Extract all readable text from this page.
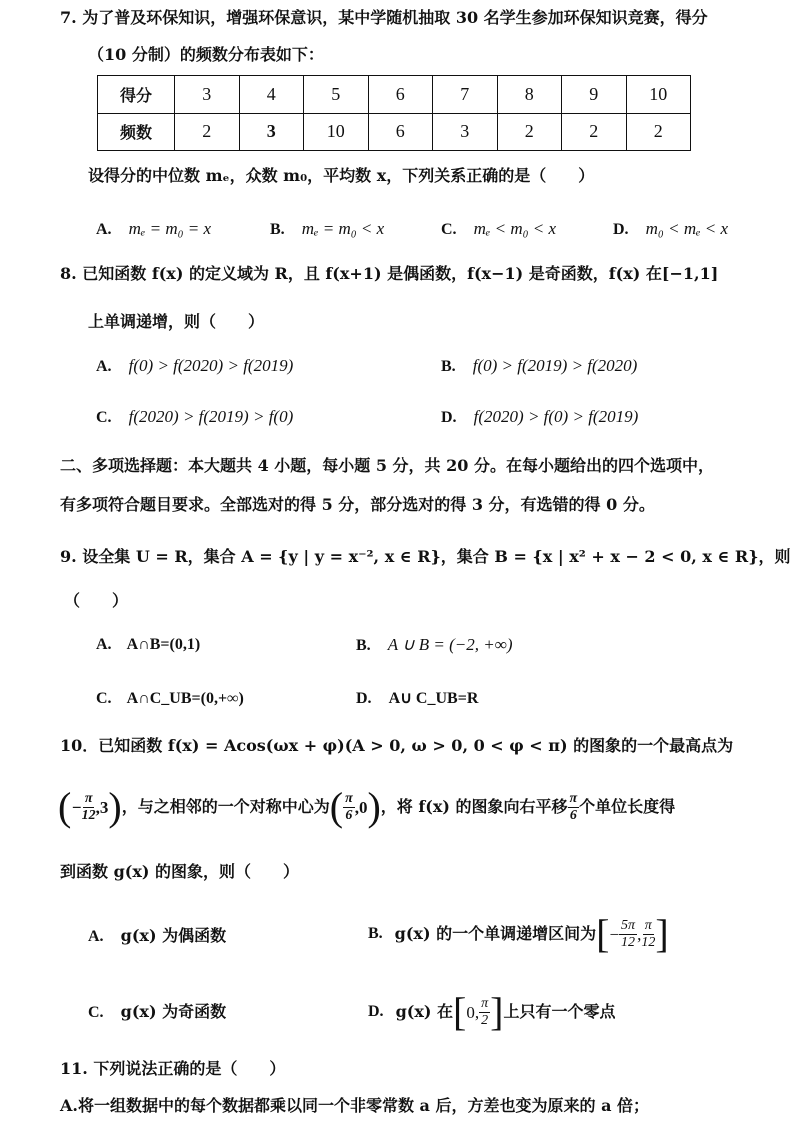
7. 为了普及环保知识，增强环保意识，某中学随机抽取 30 名学生参加环保知识竞赛，得分
（10 分制）的频数分布表如下：
得分	3	4	5	6	7	8	9	10
频数	2	3	10	6	3	2	2	2
设得分的中位数 mₑ，众数 m₀，平均数 x，下列关系正确的是（　　）
A. mₑ = m₀ = x	B. mₑ = m₀ < x	C. mₑ < m₀ < x	D. m₀ < mₑ < x
8. 已知函数 f(x) 的定义域为 R，且 f(x+1) 是偶函数，f(x−1) 是奇函数，f(x) 在[−1,1]
上单调递增，则（　　）
A. f(0) > f(2020) > f(2019)	B. f(0) > f(2019) > f(2020)
C. f(2020) > f(2019) > f(0)	D. f(2020) > f(0) > f(2019)
二、多项选择题：本大题共 4 小题，每小题 5 分，共 20 分。在每小题给出的四个选项中，
有多项符合题目要求。全部选对的得 5 分，部分选对的得 3 分，有选错的得 0 分。
9. 设全集 U = R，集合 A = {y | y = x⁻², x ∈ R}，集合 B = {x | x² + x − 2 < 0, x ∈ R}，则
（　　）
A. A∩B=(0,1)	B. A ∪ B = (−2, +∞)
C. A∩C_UB=(0,+∞)	D. A∪ C_UB=R
10．已知函数 f(x) = Acos(ωx + φ)(A > 0, ω > 0, 0 < φ < π) 的图象的一个最高点为
( − $\frac{\pi}{12} ,3$ ) ，与之相邻的一个对称中心为 ( $\frac{\pi}{6} ,0$ ) ，将 f(x) 的图象向右平移 $\frac{\pi}{6}$ 个单位长度得
到函数 g(x) 的图象，则（　　）
A. g(x) 为偶函数	B. g(x) 的一个单调递增区间为 [ − $\frac{5\pi}{12}$ , $\frac{\pi}{12}$ ]
C. g(x) 为奇函数	D. g(x) 在 [ 0, $\frac{\pi}{2}$ ] 上只有一个零点
11. 下列说法正确的是（　　）
A.将一组数据中的每个数据都乘以同一个非零常数 a 后，方差也变为原来的 a 倍；
